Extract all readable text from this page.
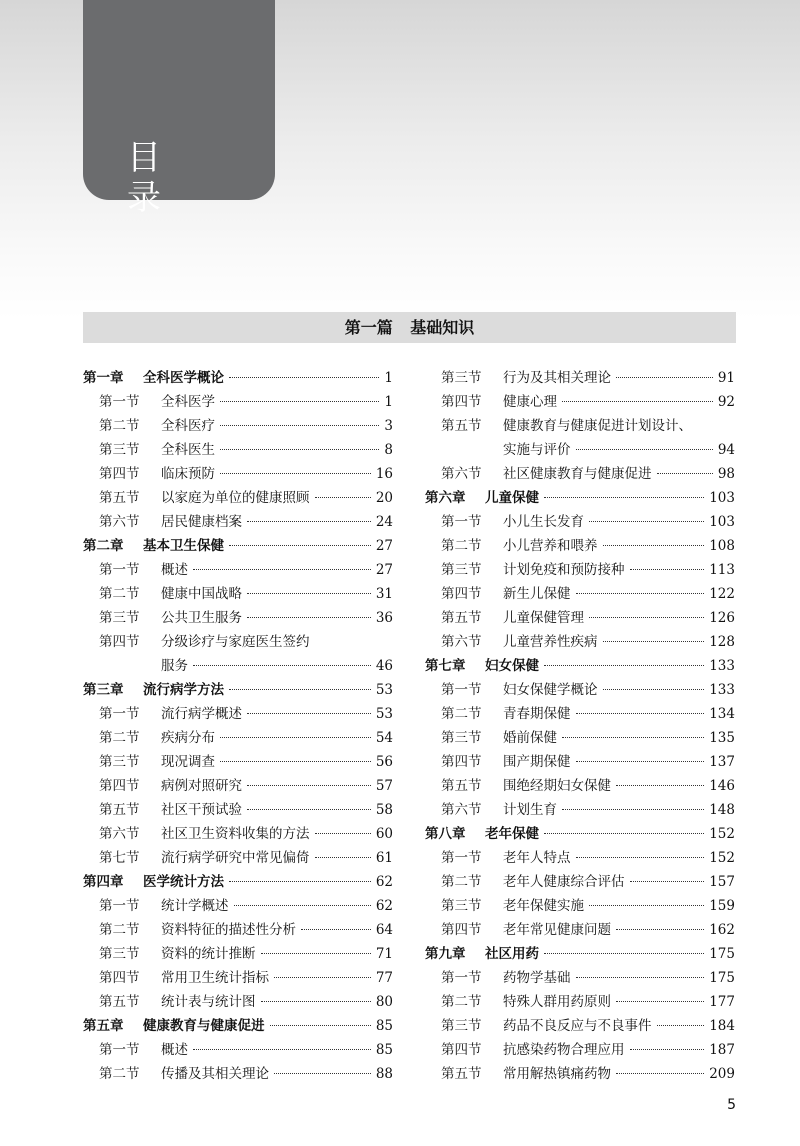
目 录
第一篇 基础知识
第一章	全科医学概论	1
第一节	全科医学	1
第二节	全科医疗	3
第三节	全科医生	8
第四节	临床预防	16
第五节	以家庭为单位的健康照顾	20
第六节	居民健康档案	24
第二章	基本卫生保健	27
第一节	概述	27
第二节	健康中国战略	31
第三节	公共卫生服务	36
第四节	分级诊疗与家庭医生签约
服务	46
第三章	流行病学方法	53
第一节	流行病学概述	53
第二节	疾病分布	54
第三节	现况调查	56
第四节	病例对照研究	57
第五节	社区干预试验	58
第六节	社区卫生资料收集的方法	60
第七节	流行病学研究中常见偏倚	61
第四章	医学统计方法	62
第一节	统计学概述	62
第二节	资料特征的描述性分析	64
第三节	资料的统计推断	71
第四节	常用卫生统计指标	77
第五节	统计表与统计图	80
第五章	健康教育与健康促进	85
第一节	概述	85
第二节	传播及其相关理论	88
第三节	行为及其相关理论	91
第四节	健康心理	92
第五节	健康教育与健康促进计划设计、
实施与评价	94
第六节	社区健康教育与健康促进	98
第六章	儿童保健	103
第一节	小儿生长发育	103
第二节	小儿营养和喂养	108
第三节	计划免疫和预防接种	113
第四节	新生儿保健	122
第五节	儿童保健管理	126
第六节	儿童营养性疾病	128
第七章	妇女保健	133
第一节	妇女保健学概论	133
第二节	青春期保健	134
第三节	婚前保健	135
第四节	围产期保健	137
第五节	围绝经期妇女保健	146
第六节	计划生育	148
第八章	老年保健	152
第一节	老年人特点	152
第二节	老年人健康综合评估	157
第三节	老年保健实施	159
第四节	老年常见健康问题	162
第九章	社区用药	175
第一节	药物学基础	175
第二节	特殊人群用药原则	177
第三节	药品不良反应与不良事件	184
第四节	抗感染药物合理应用	187
第五节	常用解热镇痛药物	209
5
